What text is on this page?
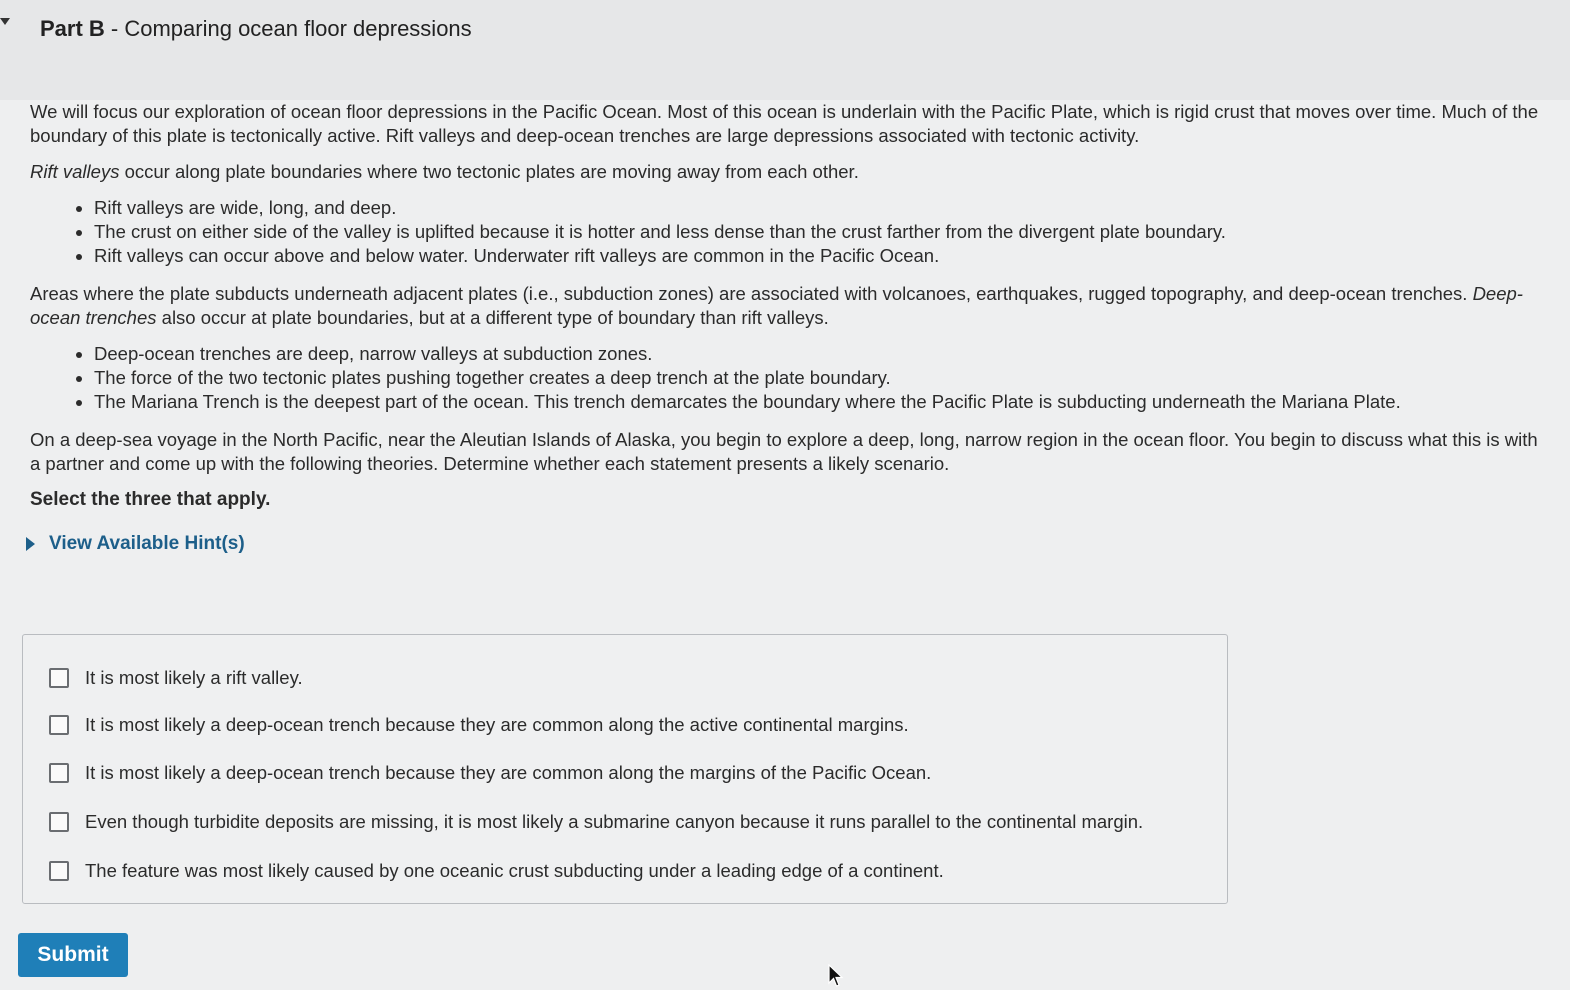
Part B - Comparing ocean floor depressions

We will focus our exploration of ocean floor depressions in the Pacific Ocean. Most of this ocean is underlain with the Pacific Plate, which is rigid crust that moves over time. Much of the boundary of this plate is tectonically active. Rift valleys and deep-ocean trenches are large depressions associated with tectonic activity.

Rift valleys occur along plate boundaries where two tectonic plates are moving away from each other.

• Rift valleys are wide, long, and deep.
• The crust on either side of the valley is uplifted because it is hotter and less dense than the crust farther from the divergent plate boundary.
• Rift valleys can occur above and below water. Underwater rift valleys are common in the Pacific Ocean.

Areas where the plate subducts underneath adjacent plates (i.e., subduction zones) are associated with volcanoes, earthquakes, rugged topography, and deep-ocean trenches. Deep-ocean trenches also occur at plate boundaries, but at a different type of boundary than rift valleys.

• Deep-ocean trenches are deep, narrow valleys at subduction zones.
• The force of the two tectonic plates pushing together creates a deep trench at the plate boundary.
• The Mariana Trench is the deepest part of the ocean. This trench demarcates the boundary where the Pacific Plate is subducting underneath the Mariana Plate.

On a deep-sea voyage in the North Pacific, near the Aleutian Islands of Alaska, you begin to explore a deep, long, narrow region in the ocean floor. You begin to discuss what this is with a partner and come up with the following theories. Determine whether each statement presents a likely scenario.

Select the three that apply.
View Available Hint(s)
It is most likely a rift valley.
It is most likely a deep-ocean trench because they are common along the active continental margins.
It is most likely a deep-ocean trench because they are common along the margins of the Pacific Ocean.
Even though turbidite deposits are missing, it is most likely a submarine canyon because it runs parallel to the continental margin.
The feature was most likely caused by one oceanic crust subducting under a leading edge of a continent.
Submit
